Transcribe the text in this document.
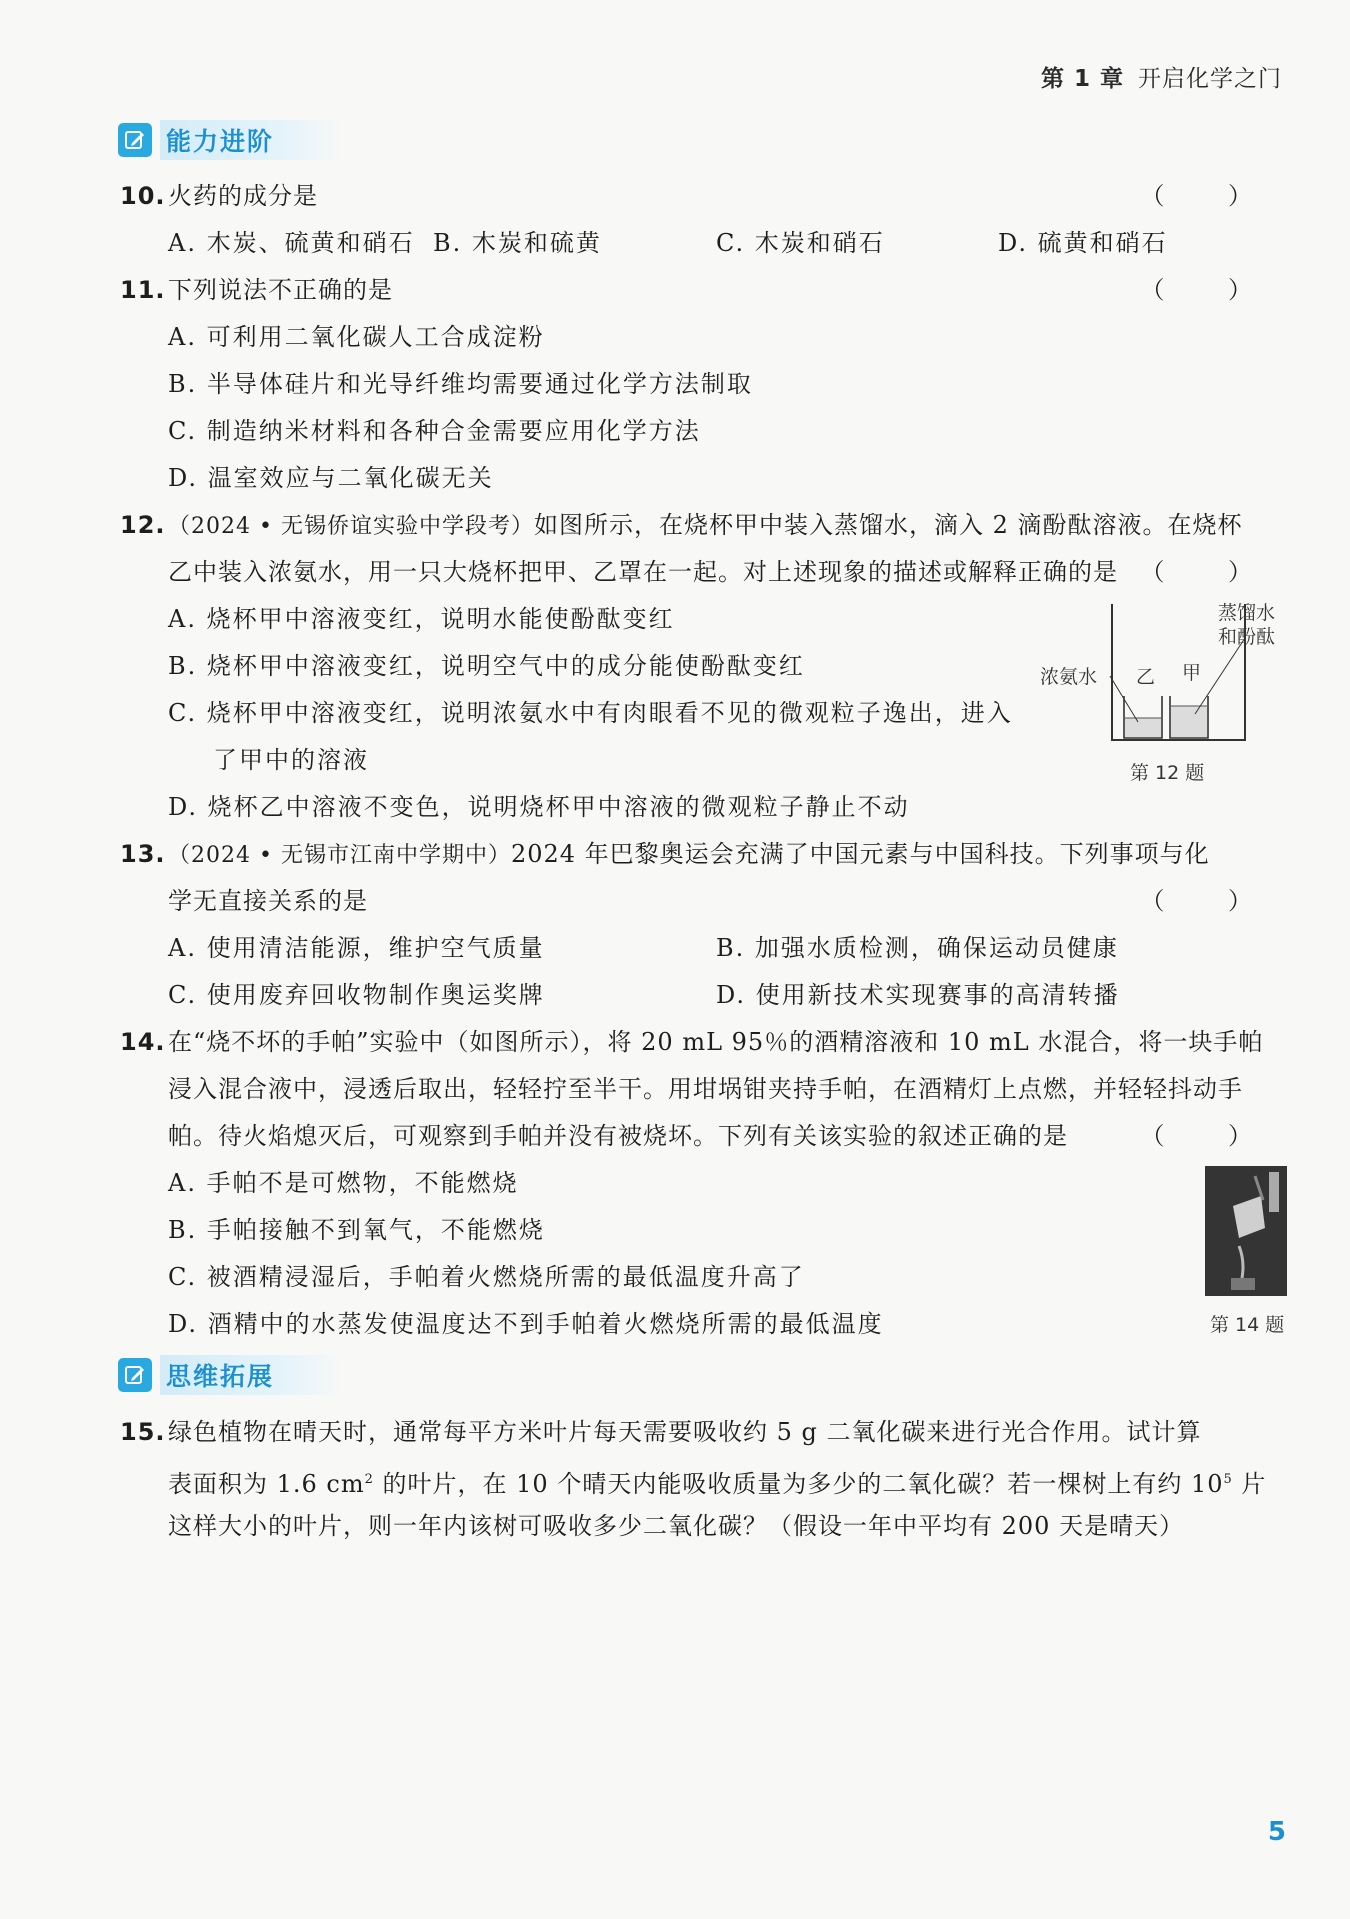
第 1 章 开启化学之门
能力进阶
10. 火药的成分是	（ ）
A. 木炭、硫黄和硝石 B. 木炭和硫黄	C. 木炭和硝石	D. 硫黄和硝石
11. 下列说法不正确的是	（ ）
A. 可利用二氧化碳人工合成淀粉
B. 半导体硅片和光导纤维均需要通过化学方法制取
C. 制造纳米材料和各种合金需要应用化学方法
D. 温室效应与二氧化碳无关
12. （2024 • 无锡侨谊实验中学段考）如图所示，在烧杯甲中装入蒸馏水，滴入 2 滴酚酞溶液。在烧杯
乙中装入浓氨水，用一只大烧杯把甲、乙罩在一起。对上述现象的描述或解释正确的是 （ ）
A. 烧杯甲中溶液变红，说明水能使酚酞变红
B. 烧杯甲中溶液变红，说明空气中的成分能使酚酞变红
C. 烧杯甲中溶液变红，说明浓氨水中有肉眼看不见的微观粒子逸出，进入
了甲中的溶液
D. 烧杯乙中溶液不变色，说明烧杯甲中溶液的微观粒子静止不动
浓氨水 乙 甲
蒸馏水
和酚酞
第 12 题
13. （2024 • 无锡市江南中学期中）2024 年巴黎奥运会充满了中国元素与中国科技。下列事项与化
学无直接关系的是	（ ）
A. 使用清洁能源，维护空气质量	B. 加强水质检测，确保运动员健康
C. 使用废弃回收物制作奥运奖牌	D. 使用新技术实现赛事的高清转播
14. 在“烧不坏的手帕”实验中（如图所示），将 20 mL 95％的酒精溶液和 10 mL 水混合，将一块手帕
浸入混合液中，浸透后取出，轻轻拧至半干。用坩埚钳夹持手帕，在酒精灯上点燃，并轻轻抖动手
帕。待火焰熄灭后，可观察到手帕并没有被烧坏。下列有关该实验的叙述正确的是	（ ）
A. 手帕不是可燃物，不能燃烧
B. 手帕接触不到氧气，不能燃烧
C. 被酒精浸湿后，手帕着火燃烧所需的最低温度升高了
D. 酒精中的水蒸发使温度达不到手帕着火燃烧所需的最低温度	第 14 题
思维拓展
15. 绿色植物在晴天时，通常每平方米叶片每天需要吸收约 5 g 二氧化碳来进行光合作用。试计算
表面积为 1.6 $cm^2$ 的叶片，在 10 个晴天内能吸收质量为多少的二氧化碳？若一棵树上有约 $10^5$ 片
这样大小的叶片，则一年内该树可吸收多少二氧化碳？（假设一年中平均有 200 天是晴天）
5
